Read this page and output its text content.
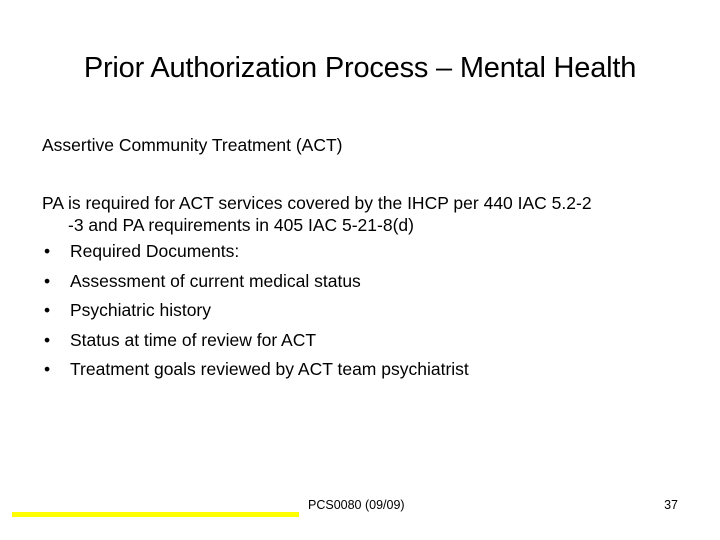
Prior Authorization Process – Mental Health
Assertive Community Treatment (ACT)
PA is required for ACT services covered by the IHCP per 440 IAC 5.2-2
-3 and PA requirements in 405 IAC 5-21-8(d)
• Required Documents:
• Assessment of current medical status
• Psychiatric history
• Status at time of review for ACT
• Treatment goals reviewed by ACT team psychiatrist
PCS0080 (09/09)	37
